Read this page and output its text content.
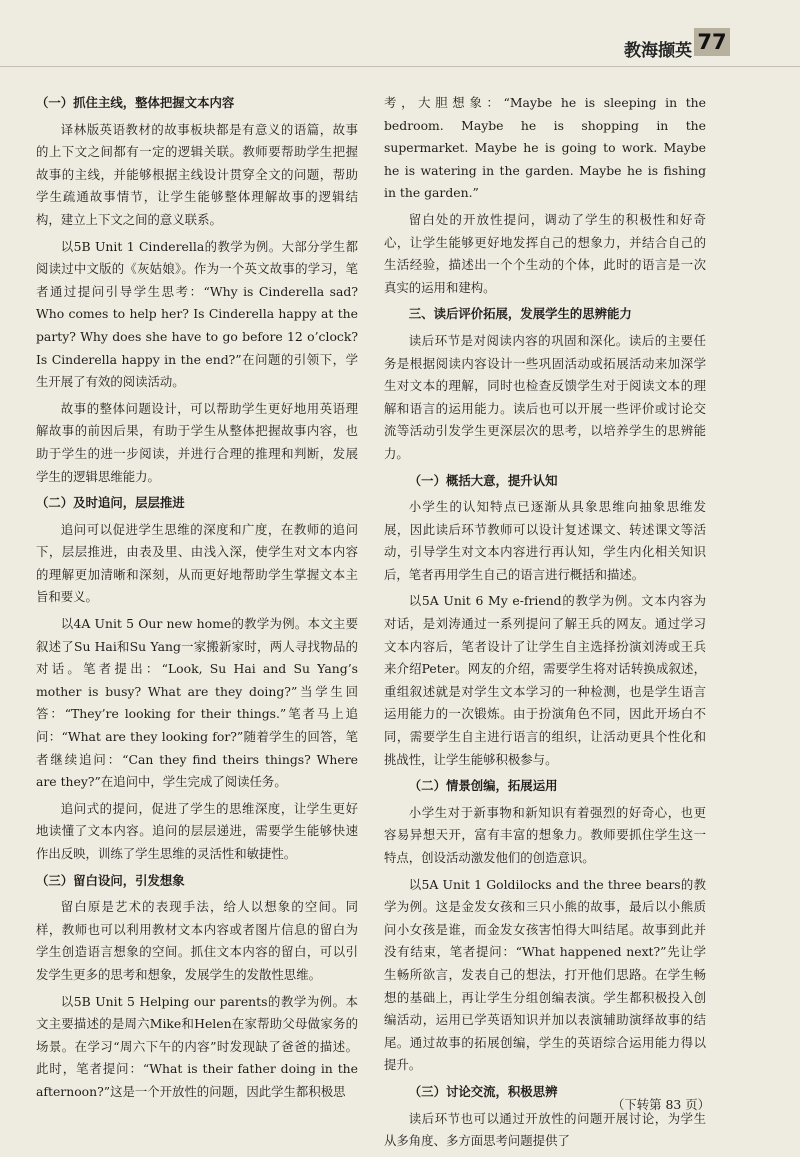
教海撷英 77

（一）抓住主线，整体把握文本内容

译林版英语教材的故事板块都是有意义的语篇，故事的上下文之间都有一定的逻辑关联。教师要帮助学生把握故事的主线，并能够根据主线设计贯穿全文的问题，帮助学生疏通故事情节，让学生能够整体理解故事的逻辑结构，建立上下文之间的意义联系。

以5B Unit 1 Cinderella的教学为例。大部分学生都阅读过中文版的《灰姑娘》。作为一个英文故事的学习，笔者通过提问引导学生思考：“Why is Cinderella sad? Who comes to help her? Is Cinderella happy at the party? Why does she have to go before 12 o’clock? Is Cinderella happy in the end?”在问题的引领下，学生开展了有效的阅读活动。

故事的整体问题设计，可以帮助学生更好地用英语理解故事的前因后果，有助于学生从整体把握故事内容，也助于学生的进一步阅读，并进行合理的推理和判断，发展学生的逻辑思维能力。

（二）及时追问，层层推进

追问可以促进学生思维的深度和广度，在教师的追问下，层层推进，由表及里、由浅入深，使学生对文本内容的理解更加清晰和深刻，从而更好地帮助学生掌握文本主旨和要义。

以4A Unit 5 Our new home的教学为例。本文主要叙述了Su Hai和Su Yang一家搬新家时，两人寻找物品的对话。笔者提出：“Look, Su Hai and Su Yang’s mother is busy? What are they doing?”当学生回答：“They’re looking for their things.”笔者马上追问：“What are they looking for?”随着学生的回答，笔者继续追问：“Can they find theirs things? Where are they?”在追问中，学生完成了阅读任务。

追问式的提问，促进了学生的思维深度，让学生更好地读懂了文本内容。追问的层层递进，需要学生能够快速作出反映，训练了学生思维的灵活性和敏捷性。

（三）留白设问，引发想象

留白原是艺术的表现手法，给人以想象的空间。同样，教师也可以利用教材文本内容或者图片信息的留白为学生创造语言想象的空间。抓住文本内容的留白，可以引发学生更多的思考和想象，发展学生的发散性思维。

以5B Unit 5 Helping our parents的教学为例。本文主要描述的是周六Mike和Helen在家帮助父母做家务的场景。在学习“周六下午的内容”时发现缺了爸爸的描述。此时，笔者提问：“What is their father doing in the afternoon?”这是一个开放性的问题，因此学生都积极思

考，大胆想象：“Maybe he is sleeping in the bedroom. Maybe he is shopping in the supermarket. Maybe he is going to work. Maybe he is watering in the garden. Maybe he is fishing in the garden.”

留白处的开放性提问，调动了学生的积极性和好奇心，让学生能够更好地发挥自己的想象力，并结合自己的生活经验，描述出一个个生动的个体，此时的语言是一次真实的运用和建构。

三、读后评价拓展，发展学生的思辨能力

读后环节是对阅读内容的巩固和深化。读后的主要任务是根据阅读内容设计一些巩固活动或拓展活动来加深学生对文本的理解，同时也检查反馈学生对于阅读文本的理解和语言的运用能力。读后也可以开展一些评价或讨论交流等活动引发学生更深层次的思考，以培养学生的思辨能力。

（一）概括大意，提升认知

小学生的认知特点已逐渐从具象思维向抽象思维发展，因此读后环节教师可以设计复述课文、转述课文等活动，引导学生对文本内容进行再认知，学生内化相关知识后，笔者再用学生自己的语言进行概括和描述。

以5A Unit 6 My e-friend的教学为例。文本内容为对话，是刘涛通过一系列提问了解王兵的网友。通过学习文本内容后，笔者设计了让学生自主选择扮演刘涛或王兵来介绍Peter。网友的介绍，需要学生将对话转换成叙述，重组叙述就是对学生文本学习的一种检测，也是学生语言运用能力的一次锻炼。由于扮演角色不同，因此开场白不同，需要学生自主进行语言的组织，让活动更具个性化和挑战性，让学生能够积极参与。

（二）情景创编，拓展运用

小学生对于新事物和新知识有着强烈的好奇心，也更容易异想天开，富有丰富的想象力。教师要抓住学生这一特点，创设活动激发他们的创造意识。

以5A Unit 1 Goldilocks and the three bears的教学为例。这是金发女孩和三只小熊的故事，最后以小熊质问小女孩是谁，而金发女孩害怕得大叫结尾。故事到此并没有结束，笔者提问：“What happened next?”先让学生畅所欲言，发表自己的想法，打开他们思路。在学生畅想的基础上，再让学生分组创编表演。学生都积极投入创编活动，运用已学英语知识并加以表演辅助演绎故事的结尾。通过故事的拓展创编，学生的英语综合运用能力得以提升。

（三）讨论交流，积极思辨

读后环节也可以通过开放性的问题开展讨论，为学生从多角度、多方面思考问题提供了

（下转第 83 页）
